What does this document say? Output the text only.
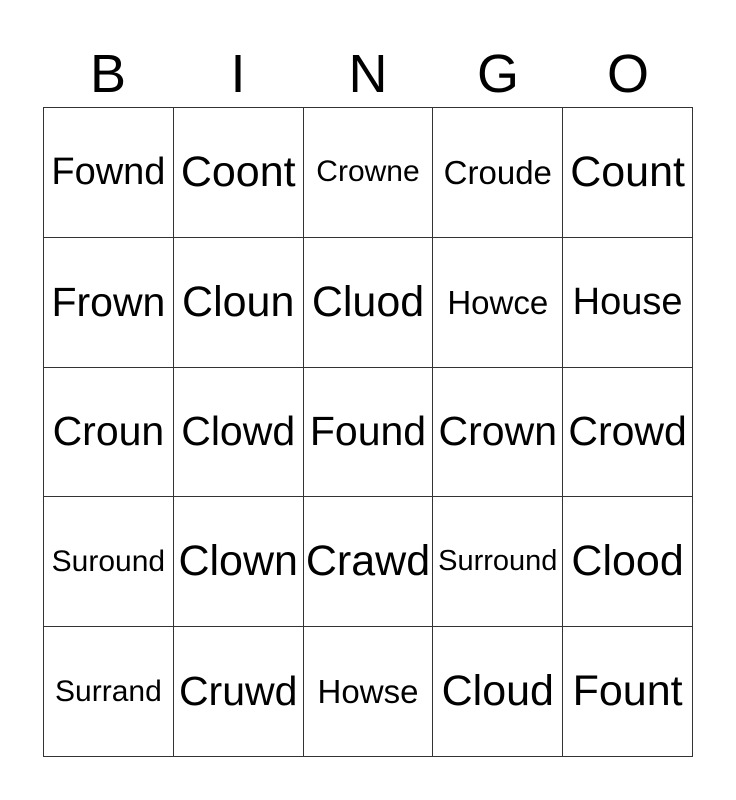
B	I	N	G	O
Fownd Coont Crowne Croude Count
Frown Cloun Cluod Howce House
Croun Clowd Found Crown Crowd
Suround Clown Crawd Surround Clood
Surrand Cruwd Howse Cloud Fount
